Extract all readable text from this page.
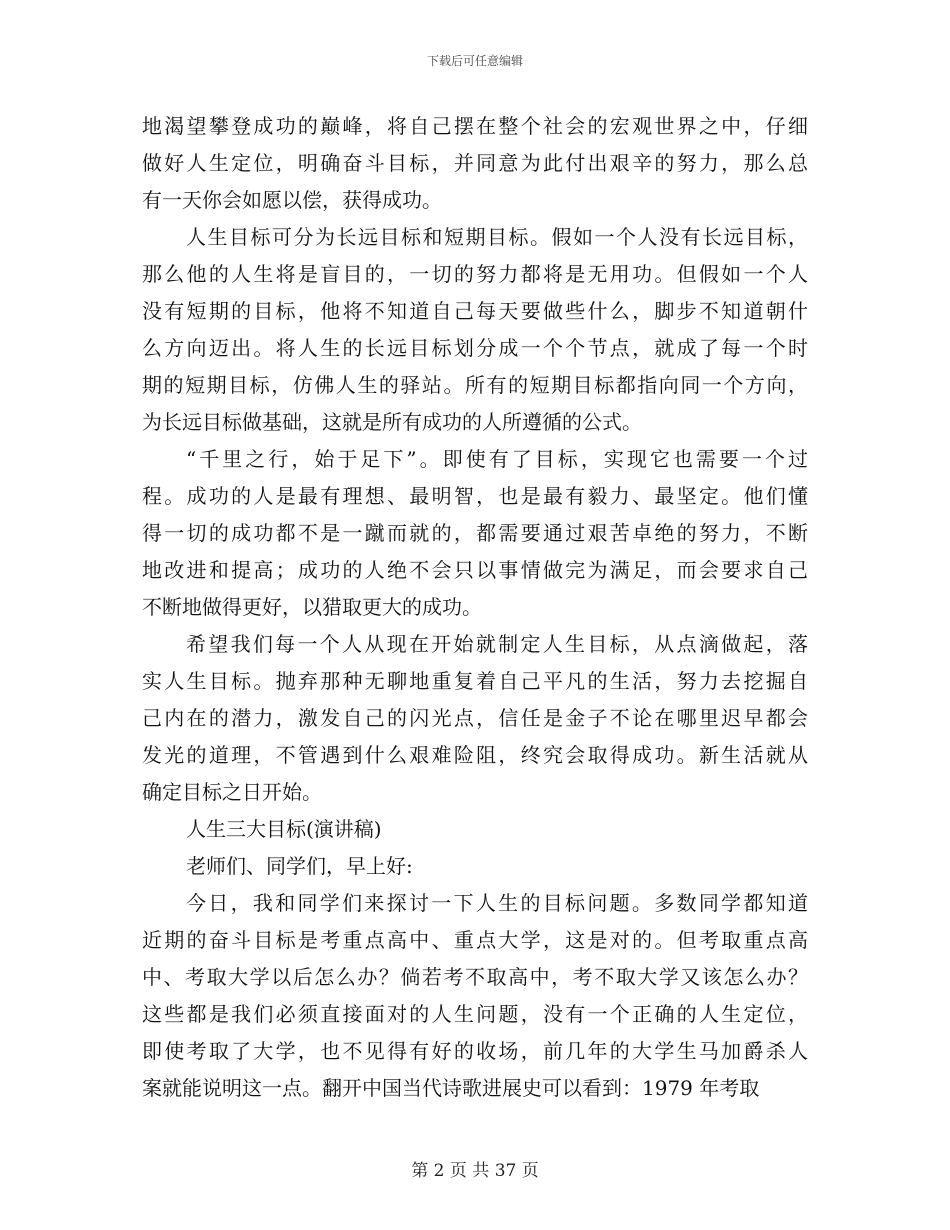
下载后可任意编辑
地渴望攀登成功的巅峰，将自己摆在整个社会的宏观世界之中，仔细
做好人生定位，明确奋斗目标，并同意为此付出艰辛的努力，那么总
有一天你会如愿以偿，获得成功。
人生目标可分为长远目标和短期目标。假如一个人没有长远目标，
那么他的人生将是盲目的，一切的努力都将是无用功。但假如一个人
没有短期的目标，他将不知道自己每天要做些什么，脚步不知道朝什
么方向迈出。将人生的长远目标划分成一个个节点，就成了每一个时
期的短期目标，仿佛人生的驿站。所有的短期目标都指向同一个方向，
为长远目标做基础，这就是所有成功的人所遵循的公式。
“千里之行，始于足下”。即使有了目标，实现它也需要一个过
程。成功的人是最有理想、最明智，也是最有毅力、最坚定。他们懂
得一切的成功都不是一蹴而就的，都需要通过艰苦卓绝的努力，不断
地改进和提高；成功的人绝不会只以事情做完为满足，而会要求自己
不断地做得更好，以猎取更大的成功。
希望我们每一个人从现在开始就制定人生目标，从点滴做起，落
实人生目标。抛弃那种无聊地重复着自己平凡的生活，努力去挖掘自
己内在的潜力，激发自己的闪光点，信任是金子不论在哪里迟早都会
发光的道理，不管遇到什么艰难险阻，终究会取得成功。新生活就从
确定目标之日开始。
人生三大目标(演讲稿)
老师们、同学们，早上好:
今日，我和同学们来探讨一下人生的目标问题。多数同学都知道
近期的奋斗目标是考重点高中、重点大学，这是对的。但考取重点高
中、考取大学以后怎么办？倘若考不取高中，考不取大学又该怎么办？
这些都是我们必须直接面对的人生问题，没有一个正确的人生定位，
即使考取了大学，也不见得有好的收场，前几年的大学生马加爵杀人
案就能说明这一点。翻开中国当代诗歌进展史可以看到：1979 年考取
第 2 页 共 37 页
